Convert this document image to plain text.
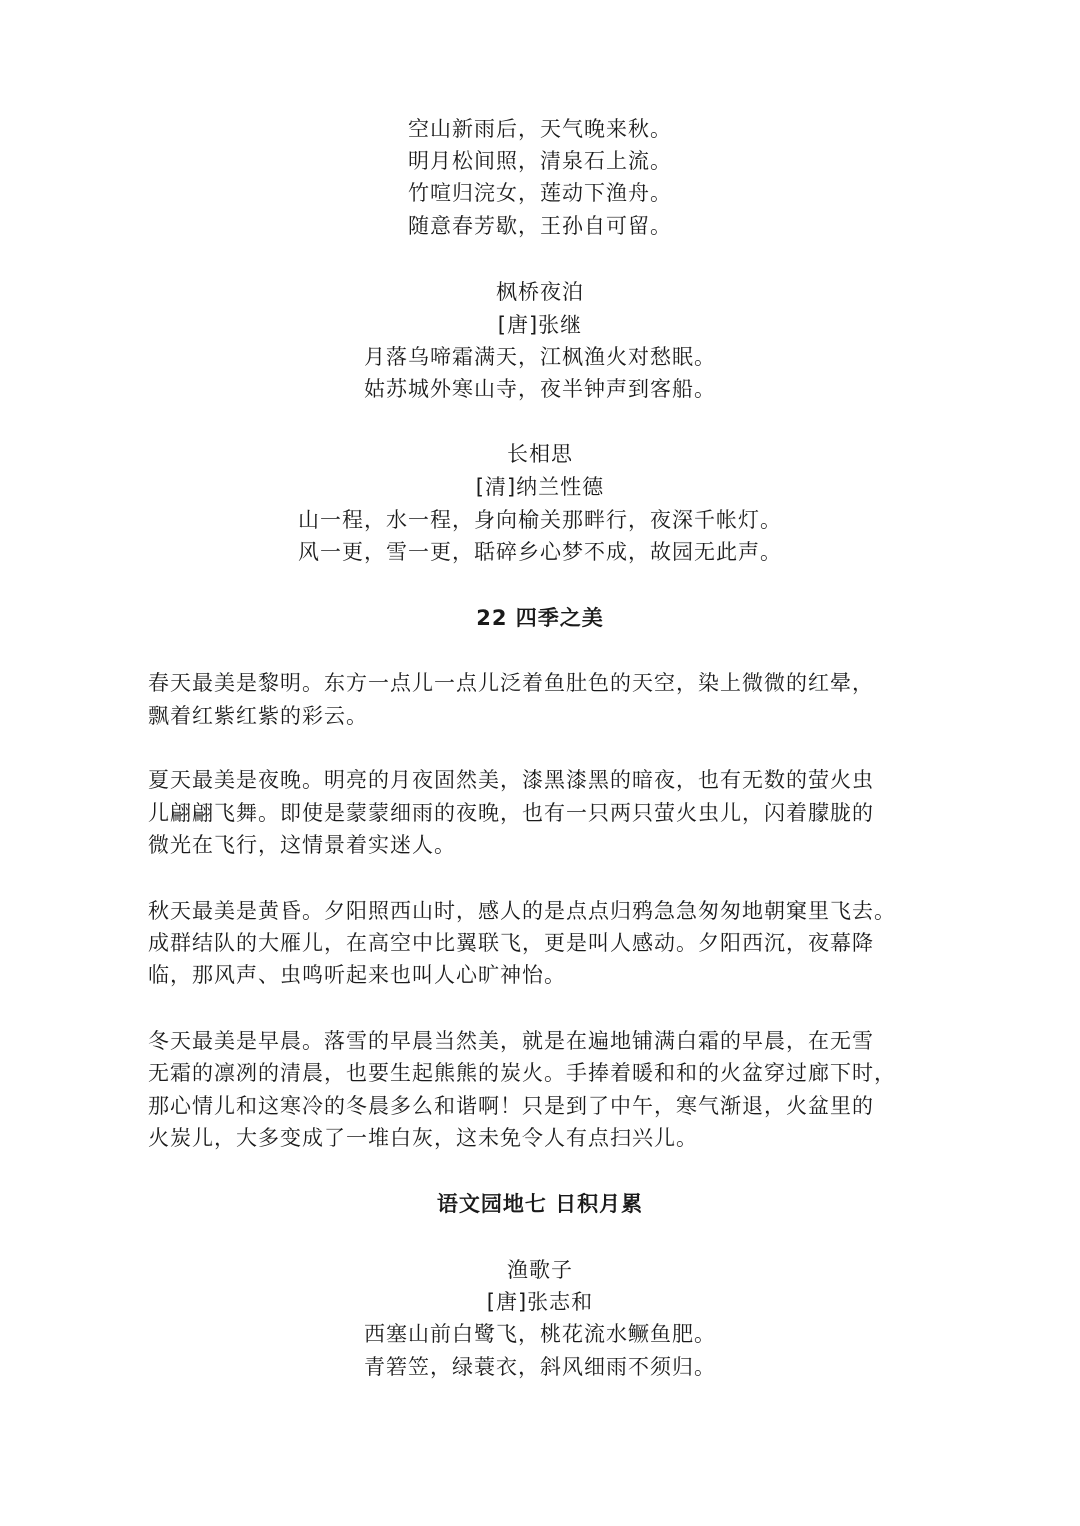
空山新雨后，天气晚来秋。
明月松间照，清泉石上流。
竹喧归浣女，莲动下渔舟。
随意春芳歇，王孙自可留。
枫桥夜泊
[唐]张继
月落乌啼霜满天，江枫渔火对愁眠。
姑苏城外寒山寺，夜半钟声到客船。
长相思
[清]纳兰性德
山一程，水一程，身向榆关那畔行，夜深千帐灯。
风一更，雪一更，聒碎乡心梦不成，故园无此声。
22 四季之美
春天最美是黎明。东方一点儿一点儿泛着鱼肚色的天空，染上微微的红晕，
飘着红紫红紫的彩云。
夏天最美是夜晚。明亮的月夜固然美，漆黑漆黑的暗夜，也有无数的萤火虫
儿翩翩飞舞。即使是蒙蒙细雨的夜晚，也有一只两只萤火虫儿，闪着朦胧的
微光在飞行，这情景着实迷人。
秋天最美是黄昏。夕阳照西山时，感人的是点点归鸦急急匆匆地朝窠里飞去。
成群结队的大雁儿，在高空中比翼联飞，更是叫人感动。夕阳西沉，夜幕降
临，那风声、虫鸣听起来也叫人心旷神怡。
冬天最美是早晨。落雪的早晨当然美，就是在遍地铺满白霜的早晨，在无雪
无霜的凛冽的清晨，也要生起熊熊的炭火。手捧着暖和和的火盆穿过廊下时，
那心情儿和这寒冷的冬晨多么和谐啊！只是到了中午，寒气渐退，火盆里的
火炭儿，大多变成了一堆白灰，这未免令人有点扫兴儿。
语文园地七 日积月累
渔歌子
[唐]张志和
西塞山前白鹭飞，桃花流水鳜鱼肥。
青箬笠，绿蓑衣，斜风细雨不须归。
